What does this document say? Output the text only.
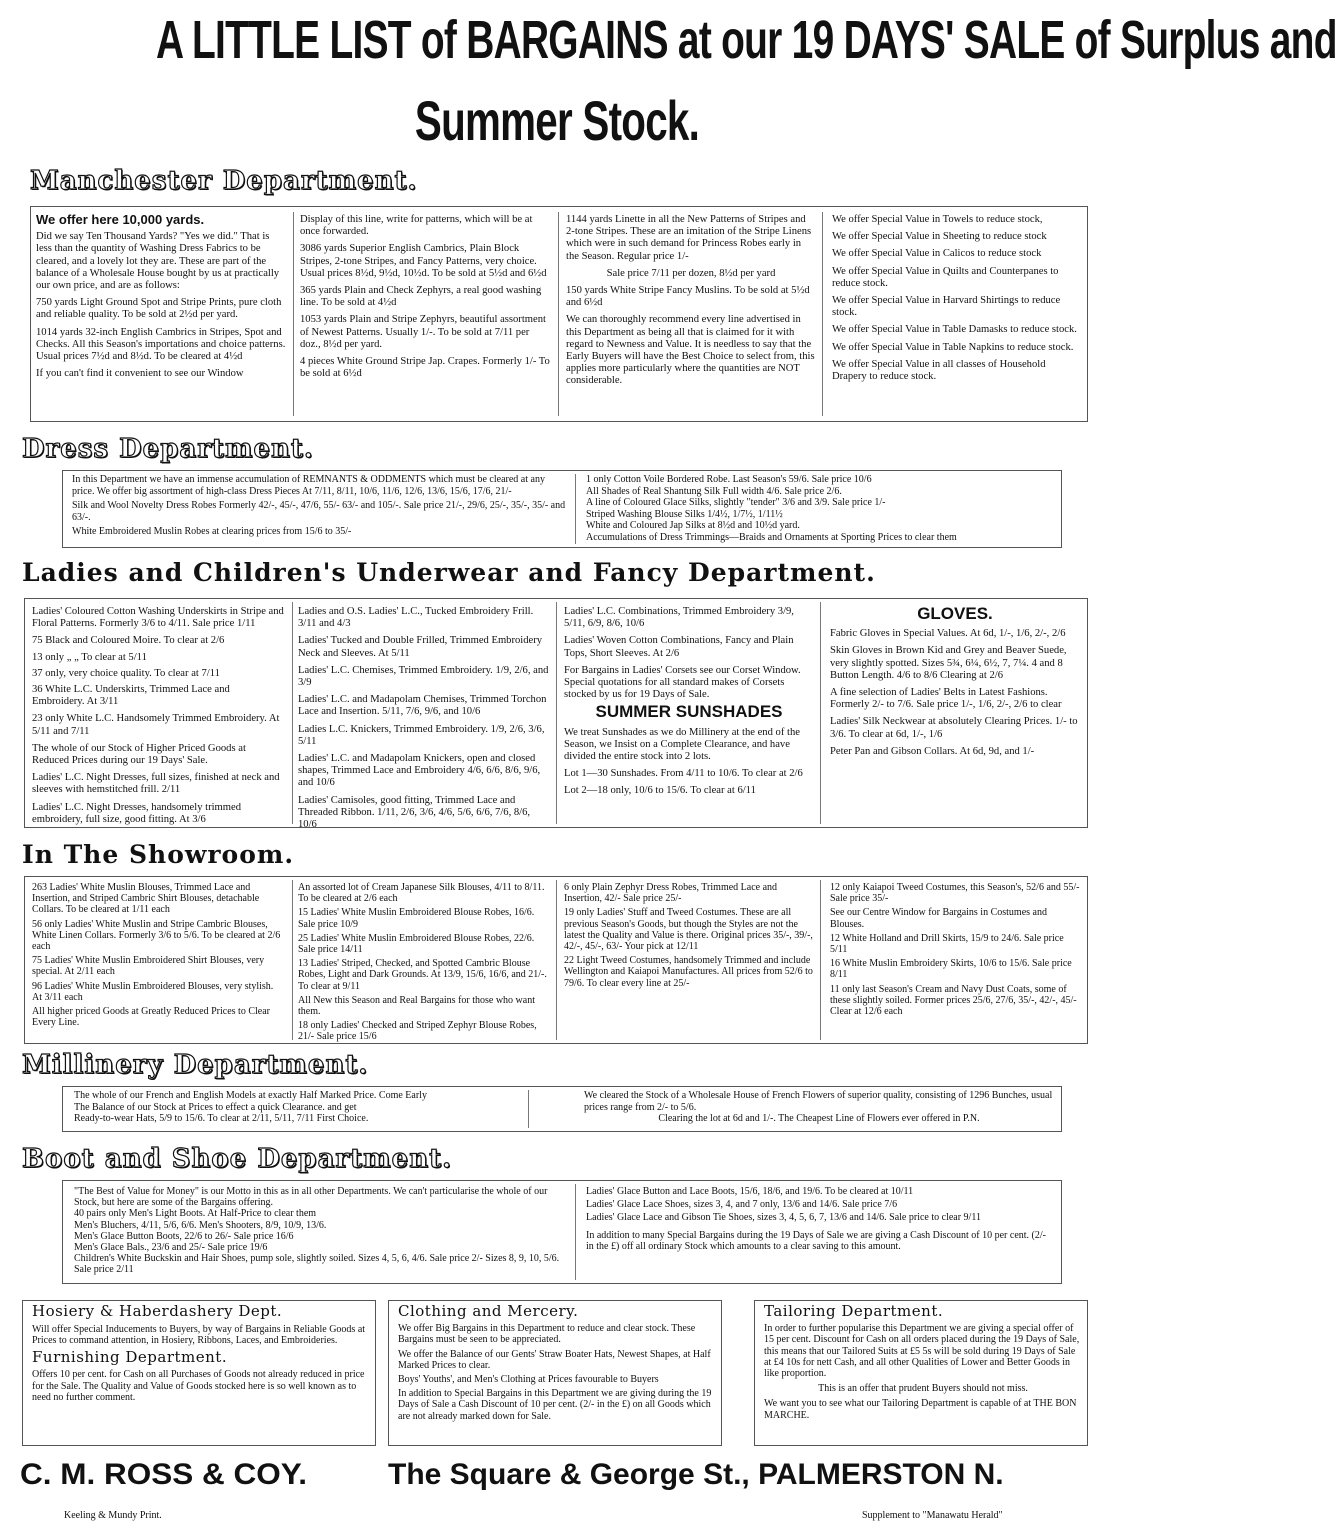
A LITTLE LIST of BARGAINS at our 19 DAYS' SALE of Surplus and
Summer Stock.
Manchester Department.

We offer here 10,000 yards.

Did we say Ten Thousand Yards? "Yes we did." That is less than the quantity of Washing Dress Fabrics to be cleared, and a lovely lot they are. These are part of the balance of a Wholesale House bought by us at practically our own price, and are as follows:

750 yards Light Ground Spot and Stripe Prints, pure cloth and reliable quality. To be sold at 2½d per yard.

1014 yards 32-inch English Cambrics in Stripes, Spot and Checks. All this Season's importations and choice patterns. Usual prices 7½d and 8½d. To be cleared at 4½d

If you can't find it convenient to see our Window

Display of this line, write for patterns, which will be at once forwarded.

3086 yards Superior English Cambrics, Plain Block Stripes, 2-tone Stripes, and Fancy Patterns, very choice. Usual prices 8½d, 9½d, 10½d. To be sold at 5½d and 6½d

365 yards Plain and Check Zephyrs, a real good washing line. To be sold at 4½d

1053 yards Plain and Stripe Zephyrs, beautiful assortment of Newest Patterns. Usually 1/-. To be sold at 7/11 per doz., 8½d per yard.

4 pieces White Ground Stripe Jap. Crapes. Formerly 1/- To be sold at 6½d

1144 yards Linette in all the New Patterns of Stripes and 2-tone Stripes. These are an imitation of the Stripe Linens which were in such demand for Princess Robes early in the Season. Regular price 1/-

Sale price 7/11 per dozen, 8½d per yard

150 yards White Stripe Fancy Muslins. To be sold at 5½d and 6½d

We can thoroughly recommend every line advertised in this Department as being all that is claimed for it with regard to Newness and Value. It is needless to say that the Early Buyers will have the Best Choice to select from, this applies more particularly where the quantities are NOT considerable.

We offer Special Value in Towels to reduce stock,

We offer Special Value in Sheeting to reduce stock

We offer Special Value in Calicos to reduce stock

We offer Special Value in Quilts and Counterpanes to reduce stock.

We offer Special Value in Harvard Shirtings to reduce stock.

We offer Special Value in Table Damasks to reduce stock.

We offer Special Value in Table Napkins to reduce stock.

We offer Special Value in all classes of Household Drapery to reduce stock.

Dress Department.

In this Department we have an immense accumulation of REMNANTS & ODDMENTS which must be cleared at any price. We offer big assortment of high-class Dress Pieces At 7/11, 8/11, 10/6, 11/6, 12/6, 13/6, 15/6, 17/6, 21/-

Silk and Wool Novelty Dress Robes Formerly 42/-, 45/-, 47/6, 55/- 63/- and 105/-. Sale price 21/-, 29/6, 25/-, 35/-, 35/- and 63/-.

White Embroidered Muslin Robes at clearing prices from 15/6 to 35/-

1 only Cotton Voile Bordered Robe. Last Season's 59/6. Sale price 10/6
All Shades of Real Shantung Silk Full width 4/6. Sale price 2/6.
A line of Coloured Glace Silks, slightly "tender" 3/6 and 3/9. Sale price 1/-
Striped Washing Blouse Silks 1/4½, 1/7½, 1/11½
White and Coloured Jap Silks at 8½d and 10½d yard.
Accumulations of Dress Trimmings—Braids and Ornaments at Sporting Prices to clear them
Ladies and Children's Underwear and Fancy Department.

Ladies' Coloured Cotton Washing Underskirts in Stripe and Floral Patterns. Formerly 3/6 to 4/11. Sale price 1/11

75 Black and Coloured Moire. To clear at 2/6
13 only „ „ To clear at 5/11
37 only, very choice quality. To clear at 7/11

36 White L.C. Underskirts, Trimmed Lace and Embroidery. At 3/11

23 only White L.C. Handsomely Trimmed Embroidery. At 5/11 and 7/11

The whole of our Stock of Higher Priced Goods at Reduced Prices during our 19 Days' Sale.

Ladies' L.C. Night Dresses, full sizes, finished at neck and sleeves with hemstitched frill. 2/11

Ladies' L.C. Night Dresses, handsomely trimmed embroidery, full size, good fitting. At 3/6

Ladies and O.S. Ladies' L.C., Tucked Embroidery Frill. 3/11 and 4/3

Ladies' Tucked and Double Frilled, Trimmed Embroidery Neck and Sleeves. At 5/11

Ladies' L.C. Chemises, Trimmed Embroidery. 1/9, 2/6, and 3/9

Ladies' L.C. and Madapolam Chemises, Trimmed Torchon Lace and Insertion. 5/11, 7/6, 9/6, and 10/6

Ladies L.C. Knickers, Trimmed Embroidery. 1/9, 2/6, 3/6, 5/11

Ladies' L.C. and Madapolam Knickers, open and closed shapes, Trimmed Lace and Embroidery 4/6, 6/6, 8/6, 9/6, and 10/6

Ladies' Camisoles, good fitting, Trimmed Lace and Threaded Ribbon. 1/11, 2/6, 3/6, 4/6, 5/6, 6/6, 7/6, 8/6, 10/6

Ladies' L.C. Combinations, Trimmed Embroidery 3/9, 5/11, 6/9, 8/6, 10/6

Ladies' Woven Cotton Combinations, Fancy and Plain Tops, Short Sleeves. At 2/6

For Bargains in Ladies' Corsets see our Corset Window. Special quotations for all standard makes of Corsets stocked by us for 19 Days of Sale.

SUMMER SUNSHADES

We treat Sunshades as we do Millinery at the end of the Season, we Insist on a Complete Clearance, and have divided the entire stock into 2 lots.

Lot 1—30 Sunshades. From 4/11 to 10/6. To clear at 2/6

Lot 2—18 only, 10/6 to 15/6. To clear at 6/11

GLOVES.

Fabric Gloves in Special Values. At 6d, 1/-, 1/6, 2/-, 2/6

Skin Gloves in Brown Kid and Grey and Beaver Suede, very slightly spotted. Sizes 5¾, 6¼, 6½, 7, 7¼. 4 and 8 Button Length. 4/6 to 8/6 Clearing at 2/6

A fine selection of Ladies' Belts in Latest Fashions. Formerly 2/- to 7/6. Sale price 1/-, 1/6, 2/-, 2/6 to clear

Ladies' Silk Neckwear at absolutely Clearing Prices. 1/- to 3/6. To clear at 6d, 1/-, 1/6

Peter Pan and Gibson Collars. At 6d, 9d, and 1/-

In The Showroom.

263 Ladies' White Muslin Blouses, Trimmed Lace and Insertion, and Striped Cambric Shirt Blouses, detachable Collars. To be cleared at 1/11 each

56 only Ladies' White Muslin and Stripe Cambric Blouses, White Linen Collars. Formerly 3/6 to 5/6. To be cleared at 2/6 each

75 Ladies' White Muslin Embroidered Shirt Blouses, very special. At 2/11 each

96 Ladies' White Muslin Embroidered Blouses, very stylish. At 3/11 each

All higher priced Goods at Greatly Reduced Prices to Clear Every Line.

An assorted lot of Cream Japanese Silk Blouses, 4/11 to 8/11. To be cleared at 2/6 each

15 Ladies' White Muslin Embroidered Blouse Robes, 16/6. Sale price 10/9

25 Ladies' White Muslin Embroidered Blouse Robes, 22/6. Sale price 14/11

13 Ladies' Striped, Checked, and Spotted Cambric Blouse Robes, Light and Dark Grounds. At 13/9, 15/6, 16/6, and 21/-. To clear at 9/11

All New this Season and Real Bargains for those who want them.

18 only Ladies' Checked and Striped Zephyr Blouse Robes, 21/- Sale price 15/6

6 only Plain Zephyr Dress Robes, Trimmed Lace and Insertion, 42/- Sale price 25/-

19 only Ladies' Stuff and Tweed Costumes. These are all previous Season's Goods, but though the Styles are not the latest the Quality and Value is there. Original prices 35/-, 39/-, 42/-, 45/-, 63/- Your pick at 12/11

22 Light Tweed Costumes, handsomely Trimmed and include Wellington and Kaiapoi Manufactures. All prices from 52/6 to 79/6. To clear every line at 25/-

12 only Kaiapoi Tweed Costumes, this Season's, 52/6 and 55/- Sale price 35/-

See our Centre Window for Bargains in Costumes and Blouses.

12 White Holland and Drill Skirts, 15/9 to 24/6. Sale price 5/11

16 White Muslin Embroidery Skirts, 10/6 to 15/6. Sale price 8/11

11 only last Season's Cream and Navy Dust Coats, some of these slightly soiled. Former prices 25/6, 27/6, 35/-, 42/-, 45/- Clear at 12/6 each

Millinery Department.
The whole of our French and English Models at exactly Half Marked Price. Come Early
The Balance of our Stock at Prices to effect a quick Clearance. and get
Ready-to-wear Hats, 5/9 to 15/6. To clear at 2/11, 5/11, 7/11 First Choice.

We cleared the Stock of a Wholesale House of French Flowers of superior quality, consisting of 1296 Bunches, usual prices range from 2/- to 5/6.

Clearing the lot at 6d and 1/-. The Cheapest Line of Flowers ever offered in P.N.

Boot and Shoe Department.

"The Best of Value for Money" is our Motto in this as in all other Departments. We can't particularise the whole of our Stock, but here are some of the Bargains offering.

40 pairs only Men's Light Boots. At Half-Price to clear them

Men's Bluchers, 4/11, 5/6, 6/6. Men's Shooters, 8/9, 10/9, 13/6.

Men's Glace Button Boots, 22/6 to 26/- Sale price 16/6

Men's Glace Bals., 23/6 and 25/- Sale price 19/6

Children's White Buckskin and Hair Shoes, pump sole, slightly soiled. Sizes 4, 5, 6, 4/6. Sale price 2/- Sizes 8, 9, 10, 5/6. Sale price 2/11

Ladies' Glace Button and Lace Boots, 15/6, 18/6, and 19/6. To be cleared at 10/11

Ladies' Glace Lace Shoes, sizes 3, 4, and 7 only, 13/6 and 14/6. Sale price 7/6

Ladies' Glace Lace and Gibson Tie Shoes, sizes 3, 4, 5, 6, 7, 13/6 and 14/6. Sale price to clear 9/11

In addition to many Special Bargains during the 19 Days of Sale we are giving a Cash Discount of 10 per cent. (2/- in the £) off all ordinary Stock which amounts to a clear saving to this amount.

Hosiery & Haberdashery Dept.

Will offer Special Inducements to Buyers, by way of Bargains in Reliable Goods at Prices to command attention, in Hosiery, Ribbons, Laces, and Embroideries.

Furnishing Department.

Offers 10 per cent. for Cash on all Purchases of Goods not already reduced in price for the Sale. The Quality and Value of Goods stocked here is so well known as to need no further comment.

Clothing and Mercery.

We offer Big Bargains in this Department to reduce and clear stock. These Bargains must be seen to be appreciated.

We offer the Balance of our Gents' Straw Boater Hats, Newest Shapes, at Half Marked Prices to clear.

Boys' Youths', and Men's Clothing at Prices favourable to Buyers

In addition to Special Bargains in this Department we are giving during the 19 Days of Sale a Cash Discount of 10 per cent. (2/- in the £) on all Goods which are not already marked down for Sale.

Tailoring Department.

In order to further popularise this Department we are giving a special offer of 15 per cent. Discount for Cash on all orders placed during the 19 Days of Sale, this means that our Tailored Suits at £5 5s will be sold during 19 Days of Sale at £4 10s for nett Cash, and all other Qualities of Lower and Better Goods in like proportion.

This is an offer that prudent Buyers should not miss.

We want you to see what our Tailoring Department is capable of at THE BON MARCHE.

C. M. ROSS & COY.	The Square & George St., PALMERSTON N.
Keeling & Mundy Print.	Supplement to "Manawatu Herald"
